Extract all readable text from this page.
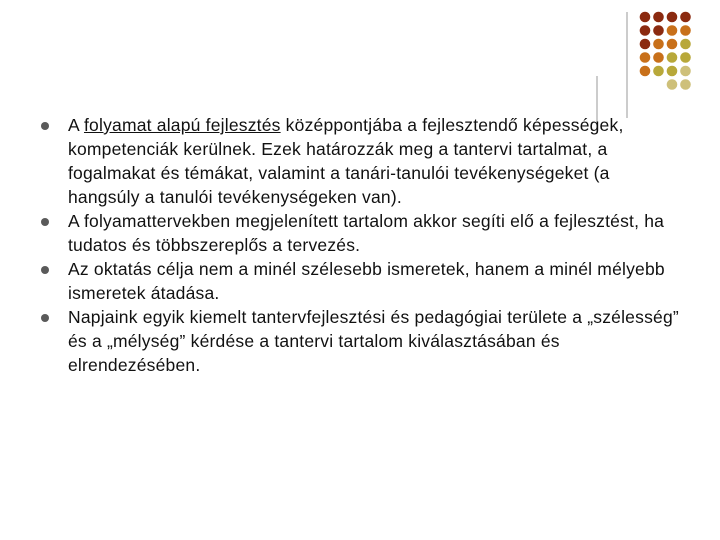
A folyamat alapú fejlesztés középpontjába a fejlesztendő képességek, kompetenciák kerülnek. Ezek határozzák meg a tantervi tartalmat, a fogalmakat és témákat, valamint a tanári-tanulói tevékenységeket (a hangsúly a tanulói tevékenységeken van).
A folyamattervekben megjelenített tartalom akkor segíti elő a fejlesztést, ha tudatos és többszereplős a tervezés.
Az oktatás célja nem a minél szélesebb ismeretek, hanem a minél mélyebb ismeretek átadása.
Napjaink egyik kiemelt tantervfejlesztési és pedagógiai területe a „szélesség” és a „mélység” kérdése a tantervi tartalom kiválasztásában és elrendezésében.
